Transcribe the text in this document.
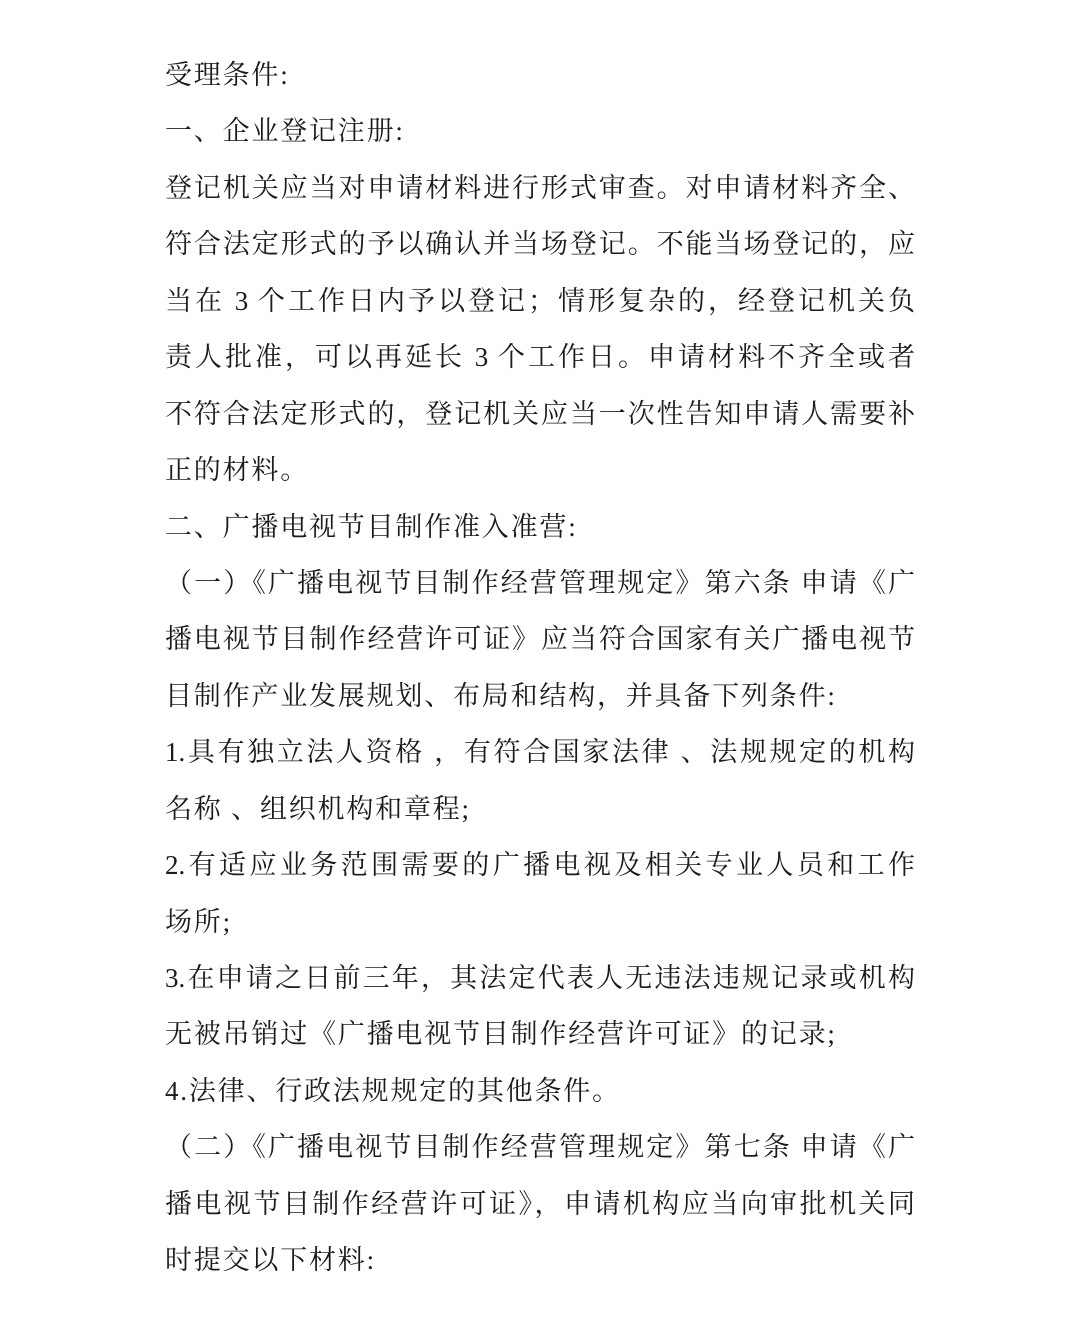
受理条件:

一、企业登记注册:

登记机关应当对申请材料进行形式审查。对申请材料齐全、

符合法定形式的予以确认并当场登记。不能当场登记的，应

当在 3 个工作日内予以登记；情形复杂的，经登记机关负

责人批准，可以再延长 3 个工作日。申请材料不齐全或者

不符合法定形式的，登记机关应当一次性告知申请人需要补

正的材料。

二、广播电视节目制作准入准营:

（一）《广播电视节目制作经营管理规定》第六条 申请《广

播电视节目制作经营许可证》应当符合国家有关广播电视节

目制作产业发展规划、布局和结构，并具备下列条件:

1.具有独立法人资格 ，有符合国家法律 、法规规定的机构

名称 、组织机构和章程;

2.有适应业务范围需要的广播电视及相关专业人员和工作

场所;

3.在申请之日前三年，其法定代表人无违法违规记录或机构

无被吊销过《广播电视节目制作经营许可证》的记录;

4.法律、行政法规规定的其他条件。

（二）《广播电视节目制作经营管理规定》第七条 申请《广

播电视节目制作经营许可证》，申请机构应当向审批机关同

时提交以下材料:
